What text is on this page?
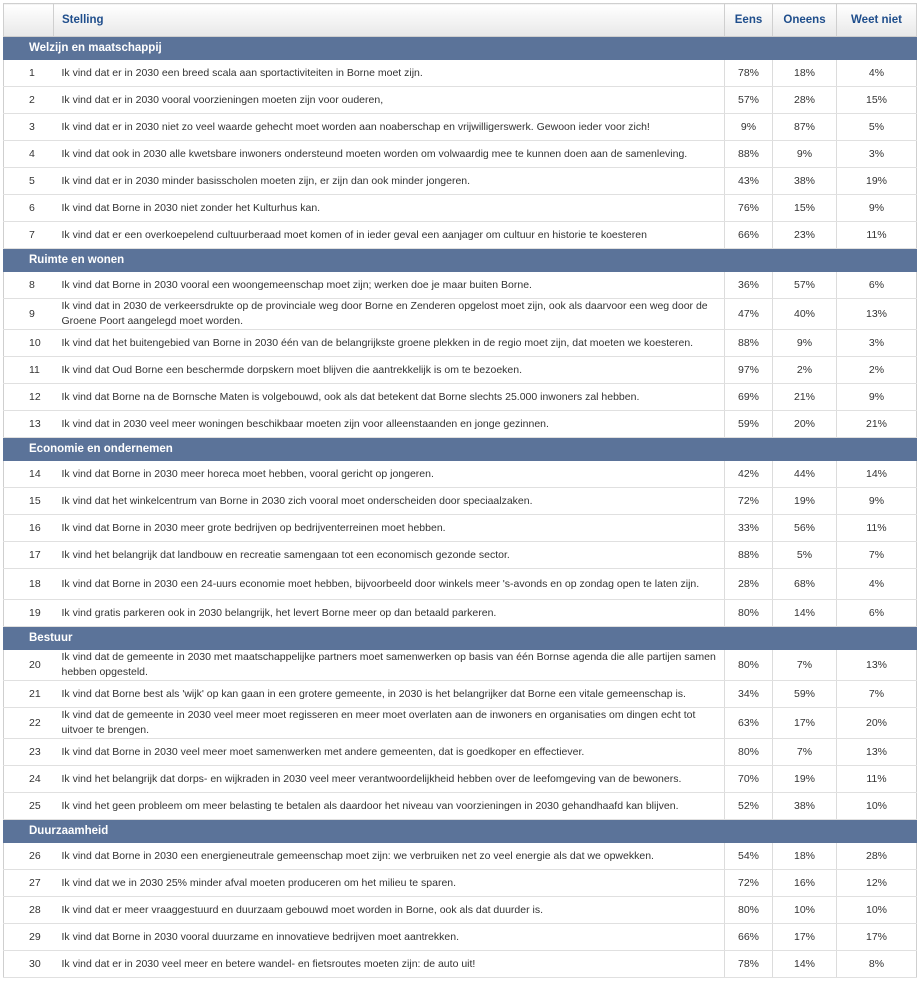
	Stelling	Eens	Oneens	Weet niet
Welzijn en maatschappij				
1	Ik vind dat er in 2030 een breed scala aan sportactiviteiten in Borne moet zijn.	78%	18%	4%
2	Ik vind dat er in 2030 vooral voorzieningen moeten zijn voor ouderen,	57%	28%	15%
3	Ik vind dat er in 2030 niet zo veel waarde gehecht moet worden aan noaberschap en vrijwilligerswerk. Gewoon ieder voor zich!	9%	87%	5%
4	Ik vind dat ook in 2030 alle kwetsbare inwoners ondersteund moeten worden om volwaardig mee te kunnen doen aan de samenleving.	88%	9%	3%
5	Ik vind dat er in 2030 minder basisscholen moeten zijn, er zijn dan ook minder jongeren.	43%	38%	19%
6	Ik vind dat Borne in 2030 niet zonder het Kulturhus kan.	76%	15%	9%
7	Ik vind dat er een overkoepelend cultuurberaad moet komen of in ieder geval een aanjager om cultuur en historie te koesteren	66%	23%	11%
Ruimte en wonen				
8	Ik vind dat Borne in 2030 vooral een woongemeenschap moet zijn; werken doe je maar buiten Borne.	36%	57%	6%
9	Ik vind dat in 2030 de verkeersdrukte op de provinciale weg door Borne en Zenderen opgelost moet zijn, ook als daarvoor een weg door de Groene Poort aangelegd moet worden.	47%	40%	13%
10	Ik vind dat het buitengebied van Borne in 2030 één van de belangrijkste groene plekken in de regio moet zijn, dat moeten we koesteren.	88%	9%	3%
11	Ik vind dat Oud Borne een beschermde dorpskern moet blijven die aantrekkelijk is om te bezoeken.	97%	2%	2%
12	Ik vind dat Borne na de Bornsche Maten is volgebouwd, ook als dat betekent dat Borne slechts 25.000 inwoners zal hebben.	69%	21%	9%
13	Ik vind dat in 2030 veel meer woningen beschikbaar moeten zijn voor alleenstaanden en jonge gezinnen.	59%	20%	21%
Economie en ondernemen				
14	Ik vind dat Borne in 2030 meer horeca moet hebben, vooral gericht op jongeren.	42%	44%	14%
15	Ik vind dat het winkelcentrum van Borne in 2030 zich vooral moet onderscheiden door speciaalzaken.	72%	19%	9%
16	Ik vind dat Borne in 2030 meer grote bedrijven op bedrijventerreinen moet hebben.	33%	56%	11%
17	Ik vind het belangrijk dat landbouw en recreatie samengaan tot een economisch gezonde sector.	88%	5%	7%
18	Ik vind dat Borne in 2030 een 24-uurs economie moet hebben, bijvoorbeeld door winkels meer 's-avonds en op zondag open te laten zijn.	28%	68%	4%
19	Ik vind gratis parkeren ook in 2030 belangrijk, het levert Borne meer op dan betaald parkeren.	80%	14%	6%
Bestuur				
20	Ik vind dat de gemeente in 2030 met maatschappelijke partners moet samenwerken op basis van één Bornse agenda die alle partijen samen hebben opgesteld.	80%	7%	13%
21	Ik vind dat Borne best als 'wijk' op kan gaan in een grotere gemeente, in 2030 is het belangrijker dat Borne een vitale gemeenschap is.	34%	59%	7%
22	Ik vind dat de gemeente in 2030 veel meer moet regisseren en meer moet overlaten aan de inwoners en organisaties om dingen echt tot uitvoer te brengen.	63%	17%	20%
23	Ik vind dat Borne in 2030 veel meer moet samenwerken met andere gemeenten, dat is goedkoper en effectiever.	80%	7%	13%
24	Ik vind het belangrijk dat dorps- en wijkraden in 2030 veel meer verantwoordelijkheid hebben over de leefomgeving van de bewoners.	70%	19%	11%
25	Ik vind het geen probleem om meer belasting te betalen als daardoor het niveau van voorzieningen in 2030 gehandhaafd kan blijven.	52%	38%	10%
Duurzaamheid				
26	Ik vind dat Borne in 2030 een energieneutrale gemeenschap moet zijn: we verbruiken net zo veel energie als dat we opwekken.	54%	18%	28%
27	Ik vind dat we in 2030 25% minder afval moeten produceren om het milieu te sparen.	72%	16%	12%
28	Ik vind dat er meer vraaggestuurd en duurzaam gebouwd moet worden in Borne, ook als dat duurder is.	80%	10%	10%
29	Ik vind dat Borne in 2030 vooral duurzame en innovatieve bedrijven moet aantrekken.	66%	17%	17%
30	Ik vind dat er in 2030 veel meer en betere wandel- en fietsroutes moeten zijn: de auto uit!	78%	14%	8%
